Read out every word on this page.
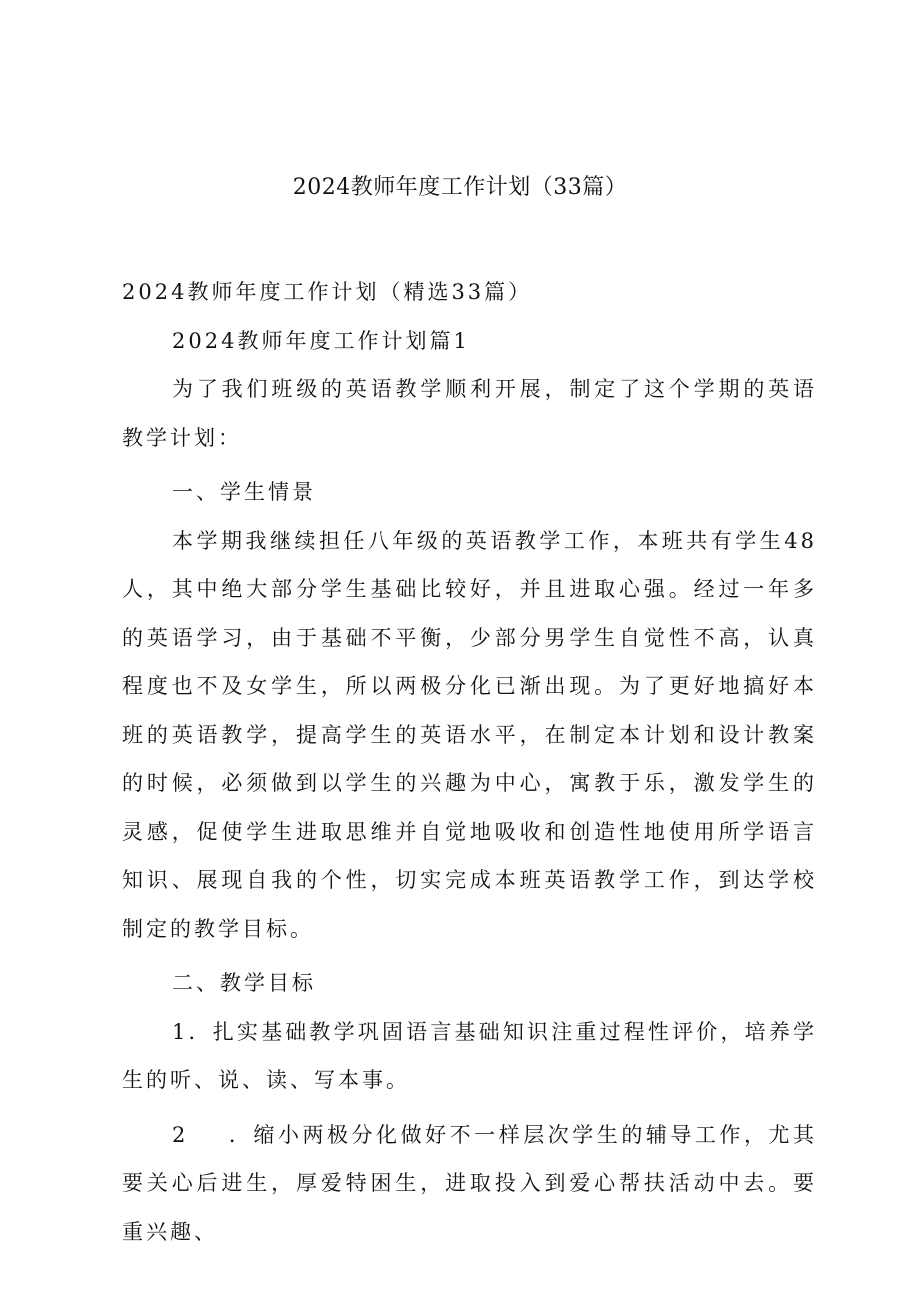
2024教师年度工作计划（33篇）

2024教师年度工作计划（精选33篇）

2024教师年度工作计划篇1

为了我们班级的英语教学顺利开展，制定了这个学期的英语教学计划：

一、学生情景

本学期我继续担任八年级的英语教学工作，本班共有学生48人，其中绝大部分学生基础比较好，并且进取心强。经过一年多的英语学习，由于基础不平衡，少部分男学生自觉性不高，认真程度也不及女学生，所以两极分化已渐出现。为了更好地搞好本班的英语教学，提高学生的英语水平，在制定本计划和设计教案的时候，必须做到以学生的兴趣为中心，寓教于乐，激发学生的灵感，促使学生进取思维并自觉地吸收和创造性地使用所学语言知识、展现自我的个性，切实完成本班英语教学工作，到达学校制定的教学目标。

二、教学目标

1．扎实基础教学巩固语言基础知识注重过程性评价，培养学生的听、说、读、写本事。

2 ．缩小两极分化做好不一样层次学生的辅导工作，尤其要关心后进生，厚爱特困生，进取投入到爱心帮扶活动中去。要重兴趣、
